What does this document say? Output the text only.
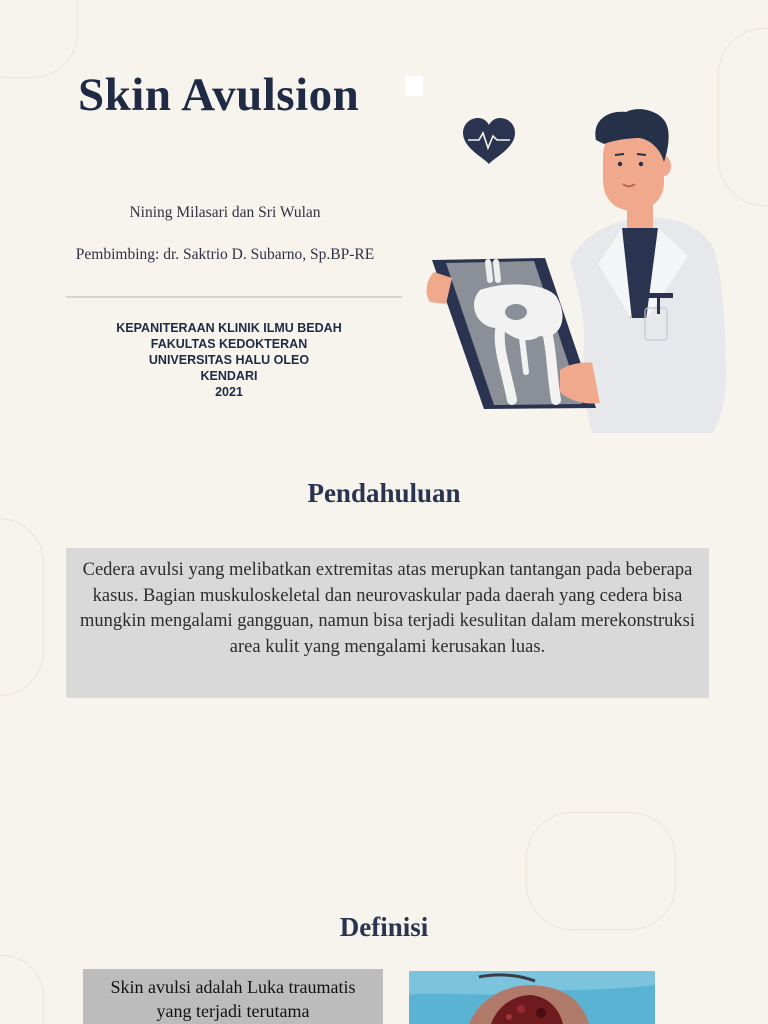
Skin Avulsion
Nining Milasari dan Sri Wulan
Pembimbing: dr. Saktrio D. Subarno, Sp.BP-RE
KEPANITERAAN KLINIK ILMU BEDAH
FAKULTAS KEDOKTERAN
UNIVERSITAS HALU OLEO
KENDARI
2021
Pendahuluan
Cedera avulsi yang melibatkan extremitas atas merupkan tantangan pada beberapa kasus. Bagian muskuloskeletal dan neurovaskular pada daerah yang cedera bisa mungkin mengalami gangguan, namun bisa terjadi kesulitan dalam merekonstruksi area kulit yang mengalami kerusakan luas.
Definisi
Skin avulsi adalah Luka traumatis yang terjadi terutama
